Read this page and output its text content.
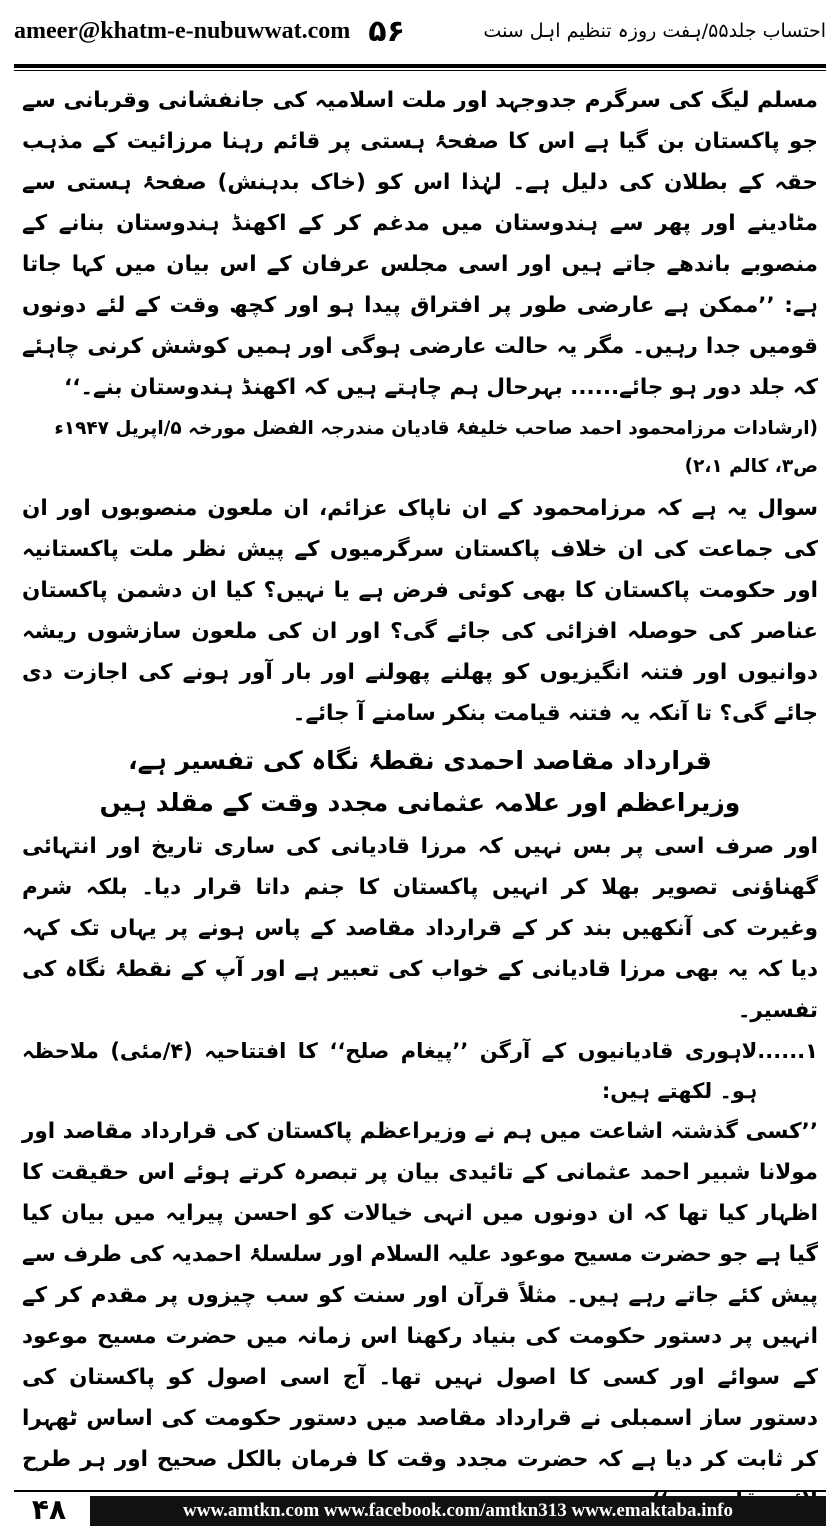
ameer@khatm-e-nubuwwat.com ۵۶	احتساب جلد۵۵/ہفت روزہ تنظیم اہل سنت

مسلم لیگ کی سرگرم جدوجہد اور ملت اسلامیہ کی جانفشانی وقربانی سے جو پاکستان بن گیا ہے اس کا صفحۂ ہستی پر قائم رہنا مرزائیت کے مذہب حقہ کے بطلان کی دلیل ہے۔ لہٰذا اس کو (خاک بدہنش) صفحۂ ہستی سے مٹادینے اور پھر سے ہندوستان میں مدغم کر کے اکھنڈ ہندوستان بنانے کے منصوبے باندھے جاتے ہیں اور اسی مجلس عرفان کے اس بیان میں کہا جاتا ہے: ’’ممکن ہے عارضی طور پر افتراق پیدا ہو اور کچھ وقت کے لئے دونوں قومیں جدا رہیں۔ مگر یہ حالت عارضی ہوگی اور ہمیں کوشش کرنی چاہئے کہ جلد دور ہو جائے...... بہرحال ہم چاہتے ہیں کہ اکھنڈ ہندوستان بنے۔‘‘

(ارشادات مرزامحمود احمد صاحب خلیفۂ قادیان مندرجہ الفضل مورخہ ۵/اپریل ۱۹۴۷ء ص۳، کالم ۲،۱)

سوال یہ ہے کہ مرزامحمود کے ان ناپاک عزائم، ان ملعون منصوبوں اور ان کی جماعت کی ان خلاف پاکستان سرگرمیوں کے پیش نظر ملت پاکستانیہ اور حکومت پاکستان کا بھی کوئی فرض ہے یا نہیں؟ کیا ان دشمن پاکستان عناصر کی حوصلہ افزائی کی جائے گی؟ اور ان کی ملعون سازشوں ریشہ دوانیوں اور فتنہ انگیزیوں کو پھلنے پھولنے اور بار آور ہونے کی اجازت دی جائے گی؟ تا آنکہ یہ فتنہ قیامت بنکر سامنے آ جائے۔

قرارداد مقاصد احمدی نقطۂ نگاہ کی تفسیر ہے،
وزیراعظم اور علامہ عثمانی مجدد وقت کے مقلد ہیں

اور صرف اسی پر بس نہیں کہ مرزا قادیانی کی ساری تاریخ اور انتہائی گھناؤنی تصویر بھلا کر انہیں پاکستان کا جنم داتا قرار دیا۔ بلکہ شرم وغیرت کی آنکھیں بند کر کے قرارداد مقاصد کے پاس ہونے پر یہاں تک کہہ دیا کہ یہ بھی مرزا قادیانی کے خواب کی تعبیر ہے اور آپ کے نقطۂ نگاہ کی تفسیر۔

۱......
لاہوری قادیانیوں کے آرگن ’’پیغام صلح‘‘ کا افتتاحیہ (۴/مئی) ملاحظہ ہو۔ لکھتے ہیں:

’’کسی گذشتہ اشاعت میں ہم نے وزیراعظم پاکستان کی قرارداد مقاصد اور مولانا شبیر احمد عثمانی کے تائیدی بیان پر تبصرہ کرتے ہوئے اس حقیقت کا اظہار کیا تھا کہ ان دونوں میں انہی خیالات کو احسن پیرایہ میں بیان کیا گیا ہے جو حضرت مسیح موعود علیہ السلام اور سلسلۂ احمدیہ کی طرف سے پیش کئے جاتے رہے ہیں۔ مثلاً قرآن اور سنت کو سب چیزوں پر مقدم کر کے انہیں پر دستور حکومت کی بنیاد رکھنا اس زمانہ میں حضرت مسیح موعود کے سوائے اور کسی کا اصول نہیں تھا۔ آج اسی اصول کو پاکستان کی دستور ساز اسمبلی نے قرارداد مقاصد میں دستور حکومت کی اساس ٹھہرا کر ثابت کر دیا ہے کہ حضرت مجدد وقت کا فرمان بالکل صحیح اور ہر طرح

۴۸	www.amtkn.com www.facebook.com/amtkn313 www.emaktaba.info
